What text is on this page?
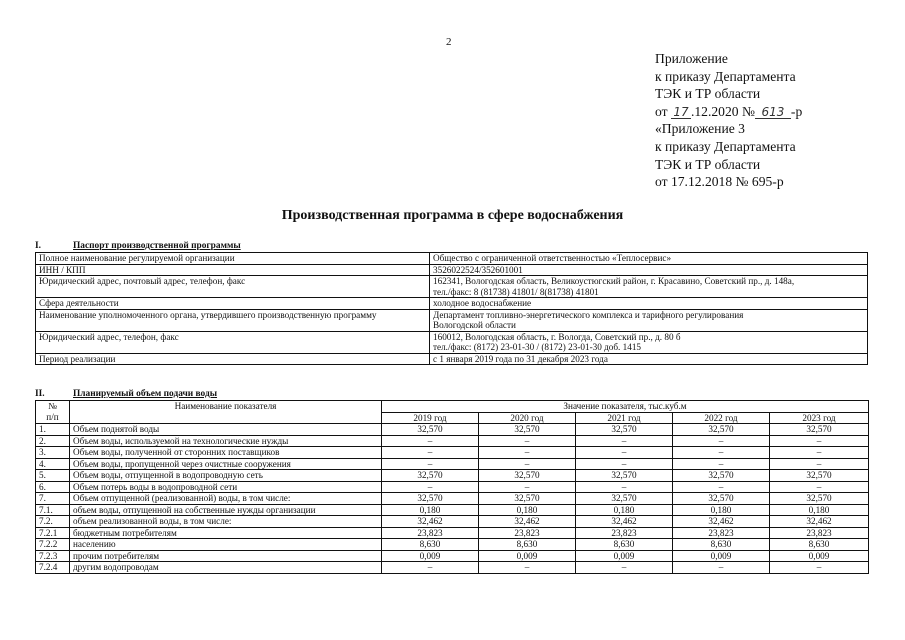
2
Приложение
к приказу Департамента
ТЭК и ТР области
от 17 .12.2020 № 613 -р
«Приложение 3
к приказу Департамента
ТЭК и ТР области
от 17.12.2018 № 695-р
Производственная программа в сфере водоснабжения
I.	Паспорт производственной программы
Полное наименование регулируемой организации	Общество с ограниченной ответственностью «Теплосервис»

ИНН / КПП	3526022524/352601001

Юридический адрес, почтовый адрес, телефон, факс	162341, Вологодская область, Великоустюгский район, г. Красавино, Советский пр., д. 148а,
тел./факс: 8 (81738) 41801/ 8(81738) 41801

Сфера деятельности	холодное водоснабжение

Наименование уполномоченного органа, утвердившего производственную программу	Департамент топливно-энергетического комплекса и тарифного регулирования
Вологодской области

Юридический адрес, телефон, факс	160012, Вологодская область, г. Вологда, Советский пр., д. 80 б
тел./факс: (8172) 23-01-30 / (8172) 23-01-30 доб. 1415

Период реализации	с 1 января 2019 года по 31 декабря 2023 года
II.	Планируемый объем подачи воды
№
п/п	Наименование показателя	Значение показателя, тыс.куб.м				
		2019 год	2020 год	2021 год	2022 год	2023 год
1.	Объем поднятой воды	32,570	32,570	32,570	32,570	32,570
2.	Объем воды, используемой на технологические нужды	–	–	–	–	–
3.	Объем воды, полученной от сторонних поставщиков	–	–	–	–	–
4.	Объем воды, пропущенной через очистные сооружения	–	–	–	–	–
5.	Объем воды, отпущенной в водопроводную сеть	32,570	32,570	32,570	32,570	32,570
6.	Объем потерь воды в водопроводной сети	–	–	–	–	–
7.	Объем отпущенной (реализованной) воды, в том числе:	32,570	32,570	32,570	32,570	32,570
7.1.	объем воды, отпущенной на собственные нужды организации	0,180	0,180	0,180	0,180	0,180
7.2.	объем реализованной воды, в том числе:	32,462	32,462	32,462	32,462	32,462
7.2.1	бюджетным потребителям	23,823	23,823	23,823	23,823	23,823
7.2.2	населению	8,630	8,630	8,630	8,630	8,630
7.2.3	прочим потребителям	0,009	0,009	0,009	0,009	0,009
7.2.4	другим водопроводам	–	–	–	–	–
